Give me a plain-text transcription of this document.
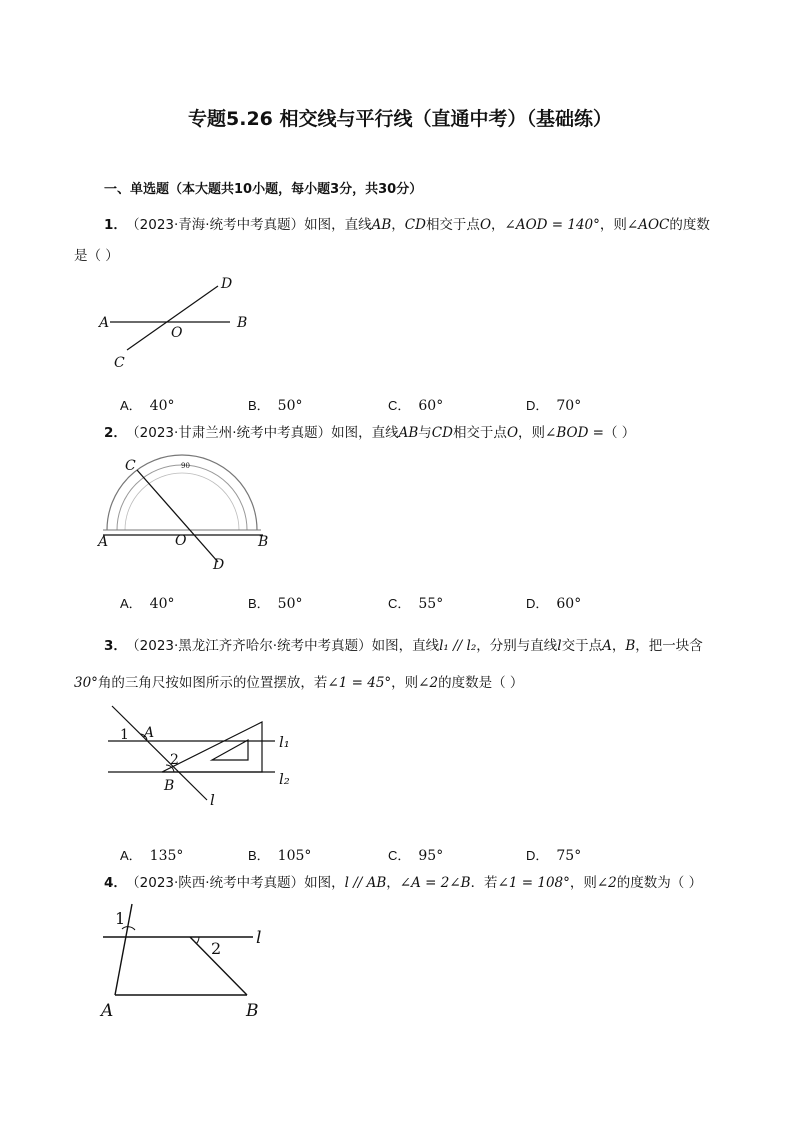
专题5.26 相交线与平行线（直通中考）（基础练）
一、单选题（本大题共10小题，每小题3分，共30分）
1． （2023·青海·统考中考真题）如图，直线AB，CD相交于点O，∠AOD = 140°，则∠AOC的度数
是（ ）
A	B
C
D
O
A． 40°	B． 50°	C． 60°	D． 70°
2． （2023·甘肃兰州·统考中考真题）如图，直线AB与CD相交于点O，则∠BOD =（ ）
90
A	B
C
D
O
A． 40°	B． 50°	C． 55°	D． 60°
3． （2023·黑龙江齐齐哈尔·统考中考真题）如图，直线l₁ // l₂，分别与直线l交于点A，B，把一块含
30°角的三角尺按如图所示的位置摆放，若∠1 = 45°，则∠2的度数是（ ）
1 A
2
B
l
l₁
l₂
A． 135°	B． 105°	C． 95°	D． 75°
4． （2023·陕西·统考中考真题）如图，l // AB，∠A = 2∠B．若∠1 = 108°，则∠2的度数为（ ）
1
2
l
A	B
